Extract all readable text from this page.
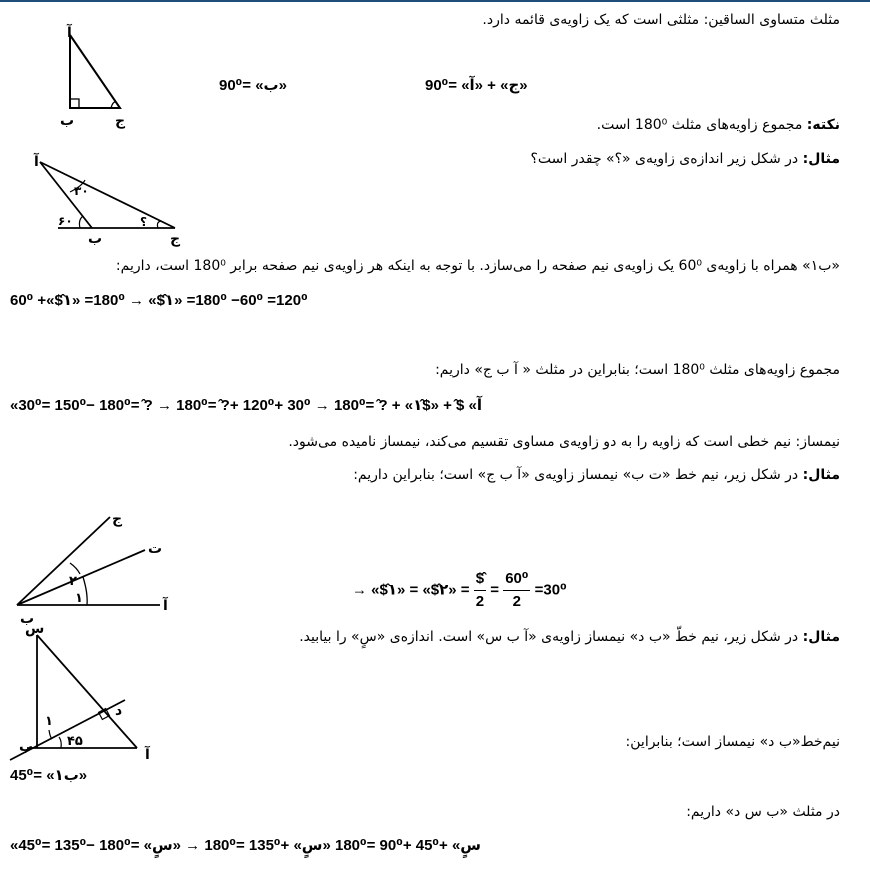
مثلث متساوی الساقین: مثلثی است که یک زاویه‌ی قائمه دارد.
آ
ب	ج
«ب» =90⁰	«ج» + «آ» =90⁰
نکته: مجموع زاویه‌های مثلث 180⁰ است.
مثال: در شکل زیر اندازه‌ی زاویه‌ی «؟» چقدر است؟
آ
ب	ج
۳۰
۶۰	؟
«ب۱» همراه با زاویه‌ی 60⁰ یک زاویه‌ی نیم صفحه را می‌سازد. با توجه به اینکه هر زاویه‌ی نیم صفحه برابر 180⁰ است، داریم:
60⁰ +«$̂۱» =180⁰ → «$̂۱» =180⁰ −60⁰ =120⁰
مجموع زاویه‌های مثلث 180⁰ است؛ بنابراین در مثلث « آ ب ج» داریم:
«آ» $̂ + «$̂۱» + ?̂ =180⁰ → 30⁰ +120⁰ +?̂ =180⁰ → ?̂ =180⁰ −150⁰ =30⁰
نیمساز: نیم خطی است که زاویه را به دو زاویه‌ی مساوی تقسیم می‌کند، نیمساز نامیده می‌شود.
مثال: در شکل زیر، نیم خط «ت ب» نیمساز زاویه‌ی «آ ب ج» است؛ بنابراین داریم:
ج
ت
آ
ب
۱
۲	→ «$̂۱» = «$̂۲» = $\frac{\$̂}{2} = \frac{\text{60⁰}}{2} =30^0$
مثال: در شکل زیر، نیم خطّ «ب د» نیمساز زاویه‌ی «آ ب س» است. اندازه‌ی «سٍ» را بیابید.
س
ب	آ
د
۱
۴۵	نیم‌خط«ب د» نیمساز است؛ بنابراین:
«ب۱» =45⁰
در مثلث «ب س د» داریم:
«سٍ» +45⁰ +90⁰ =180⁰ «سٍ» +135⁰ =180⁰ → «سٍ» =180⁰ −135⁰ =45⁰
